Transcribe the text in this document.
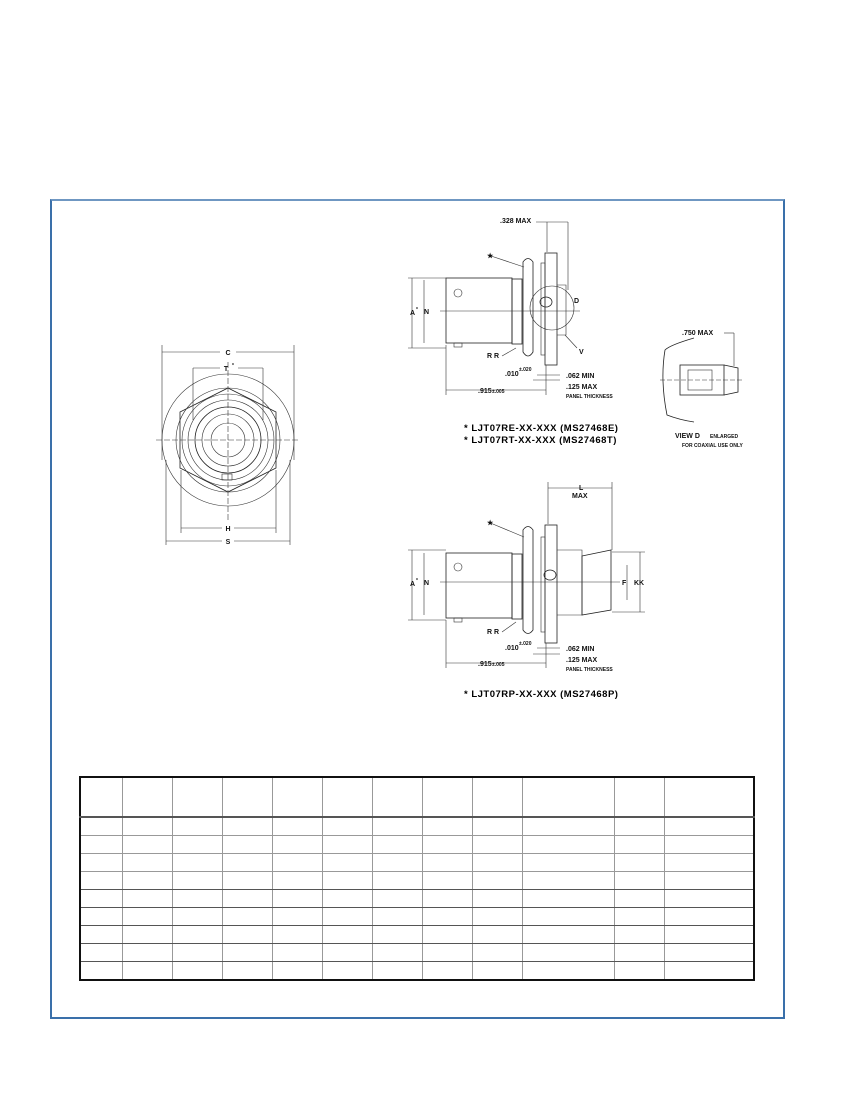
C
T *
H
S
.328 MAX
★
A * N
D
V
R R
.010
±.020
.062 MIN
.125 MAX
PANEL THICKNESS
.915 ±.005
* LJT07RE-XX-XXX (MS27468E)
* LJT07RT-XX-XXX (MS27468T)
.750 MAX
VIEW D ENLARGED
FOR COAXIAL USE ONLY
L
MAX
★
A * N	F KK
R R
.010
±.020
.062 MIN
.125 MAX
PANEL THICKNESS
.915 ±.005
* LJT07RP-XX-XXX (MS27468P)
